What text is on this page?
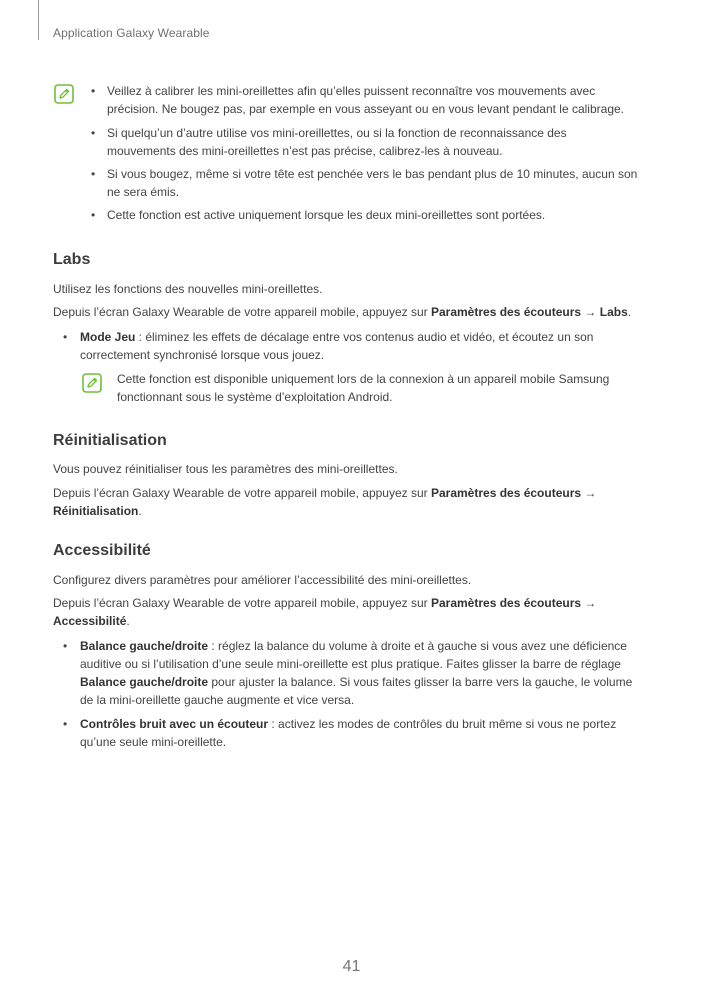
Application Galaxy Wearable
• Veillez à calibrer les mini-oreillettes afin qu’elles puissent reconnaître vos mouvements avec
précision. Ne bougez pas, par exemple en vous asseyant ou en vous levant pendant le calibrage.
• Si quelqu’un d’autre utilise vos mini-oreillettes, ou si la fonction de reconnaissance des
mouvements des mini-oreillettes n’est pas précise, calibrez-les à nouveau.
• Si vous bougez, même si votre tête est penchée vers le bas pendant plus de 10 minutes, aucun son
ne sera émis.
• Cette fonction est active uniquement lorsque les deux mini-oreillettes sont portées.
Labs
Utilisez les fonctions des nouvelles mini-oreillettes.
Depuis l’écran Galaxy Wearable de votre appareil mobile, appuyez sur Paramètres des écouteurs → Labs.
• Mode Jeu : éliminez les effets de décalage entre vos contenus audio et vidéo, et écoutez un son
correctement synchronisé lorsque vous jouez.
Cette fonction est disponible uniquement lors de la connexion à un appareil mobile Samsung
fonctionnant sous le système d’exploitation Android.
Réinitialisation
Vous pouvez réinitialiser tous les paramètres des mini-oreillettes.
Depuis l’écran Galaxy Wearable de votre appareil mobile, appuyez sur Paramètres des écouteurs →
Réinitialisation.
Accessibilité
Configurez divers paramètres pour améliorer l’accessibilité des mini-oreillettes.
Depuis l’écran Galaxy Wearable de votre appareil mobile, appuyez sur Paramètres des écouteurs →
Accessibilité.
• Balance gauche/droite : réglez la balance du volume à droite et à gauche si vous avez une déficience
auditive ou si l’utilisation d’une seule mini-oreillette est plus pratique. Faites glisser la barre de réglage
Balance gauche/droite pour ajuster la balance. Si vous faites glisser la barre vers la gauche, le volume
de la mini-oreillette gauche augmente et vice versa.
• Contrôles bruit avec un écouteur : activez les modes de contrôles du bruit même si vous ne portez
qu’une seule mini-oreillette.
41
